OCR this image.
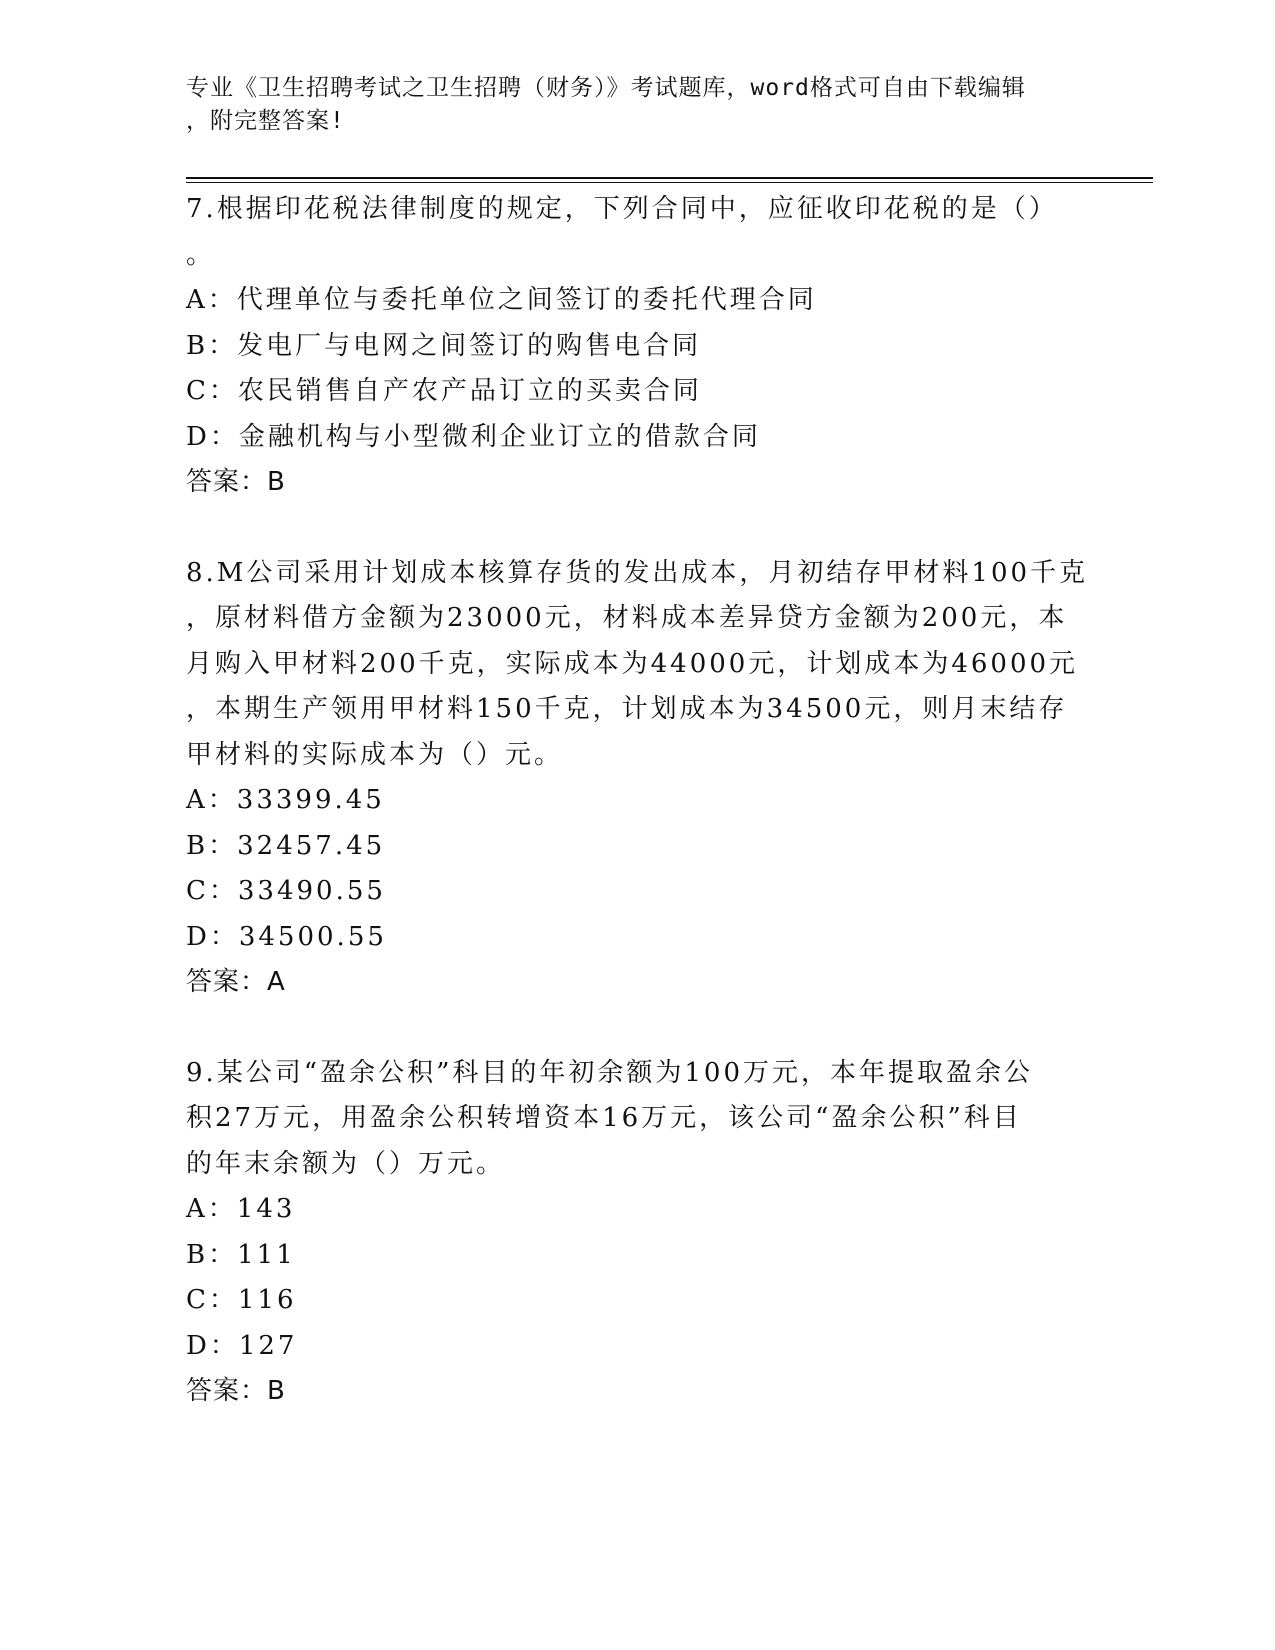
专业《卫生招聘考试之卫生招聘（财务）》考试题库，word格式可自由下载编辑
，附完整答案!
7.根据印花税法律制度的规定，下列合同中，应征收印花税的是（）
。
A：代理单位与委托单位之间签订的委托代理合同
B：发电厂与电网之间签订的购售电合同
C：农民销售自产农产品订立的买卖合同
D：金融机构与小型微利企业订立的借款合同
答案：B
8.M公司采用计划成本核算存货的发出成本，月初结存甲材料100千克
，原材料借方金额为23000元，材料成本差异贷方金额为200元，本
月购入甲材料200千克，实际成本为44000元，计划成本为46000元
，本期生产领用甲材料150千克，计划成本为34500元，则月末结存
甲材料的实际成本为（）元。
A：33399.45
B：32457.45
C：33490.55
D：34500.55
答案：A
9.某公司“盈余公积”科目的年初余额为100万元，本年提取盈余公
积27万元，用盈余公积转增资本16万元，该公司“盈余公积”科目
的年末余额为（）万元。
A：143
B：111
C：116
D：127
答案：B
